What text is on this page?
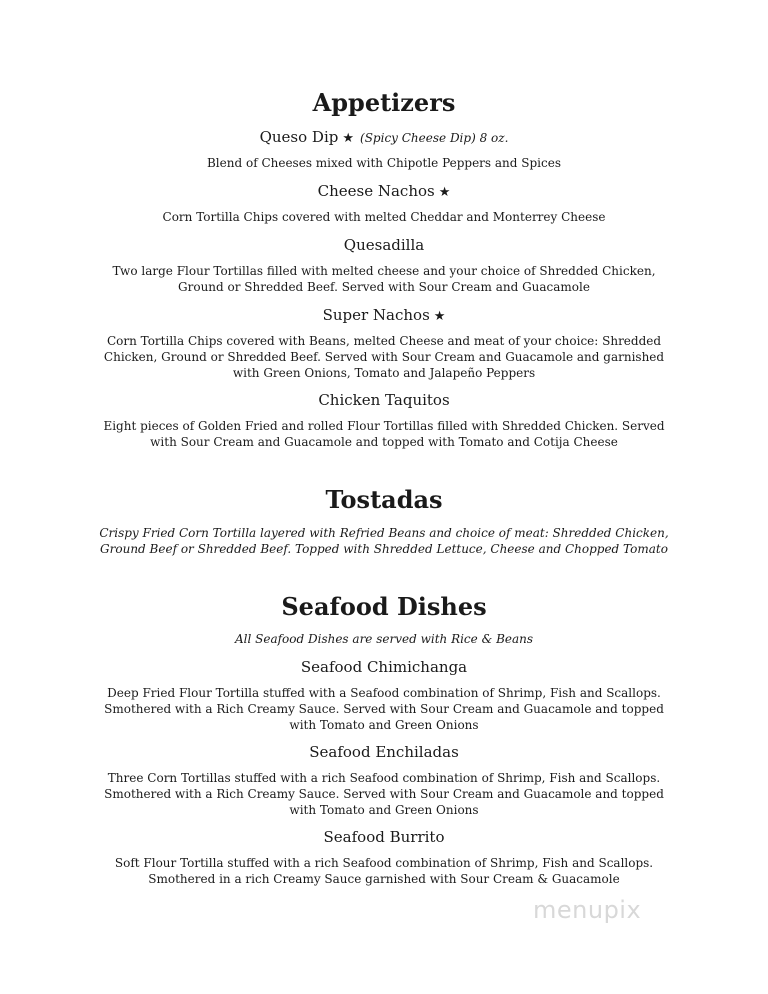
Appetizers
Queso Dip ★ (Spicy Cheese Dip) 8 oz.
Blend of Cheeses mixed with Chipotle Peppers and Spices
Cheese Nachos ★
Corn Tortilla Chips covered with melted Cheddar and Monterrey Cheese
Quesadilla
Two large Flour Tortillas filled with melted cheese and your choice of Shredded Chicken, Ground or Shredded Beef. Served with Sour Cream and Guacamole
Super Nachos ★
Corn Tortilla Chips covered with Beans, melted Cheese and meat of your choice: Shredded Chicken, Ground or Shredded Beef. Served with Sour Cream and Guacamole and garnished with Green Onions, Tomato and Jalapeño Peppers
Chicken Taquitos
Eight pieces of Golden Fried and rolled Flour Tortillas filled with Shredded Chicken. Served with Sour Cream and Guacamole and topped with Tomato and Cotija Cheese
Tostadas
Crispy Fried Corn Tortilla layered with Refried Beans and choice of meat: Shredded Chicken, Ground Beef or Shredded Beef. Topped with Shredded Lettuce, Cheese and Chopped Tomato
Seafood Dishes
All Seafood Dishes are served with Rice & Beans
Seafood Chimichanga
Deep Fried Flour Tortilla stuffed with a Seafood combination of Shrimp, Fish and Scallops. Smothered with a Rich Creamy Sauce. Served with Sour Cream and Guacamole and topped with Tomato and Green Onions
Seafood Enchiladas
Three Corn Tortillas stuffed with a rich Seafood combination of Shrimp, Fish and Scallops. Smothered with a Rich Creamy Sauce. Served with Sour Cream and Guacamole and topped with Tomato and Green Onions
Seafood Burrito
Soft Flour Tortilla stuffed with a rich Seafood combination of Shrimp, Fish and Scallops. Smothered in a rich Creamy Sauce garnished with Sour Cream & Guacamole
menupix
